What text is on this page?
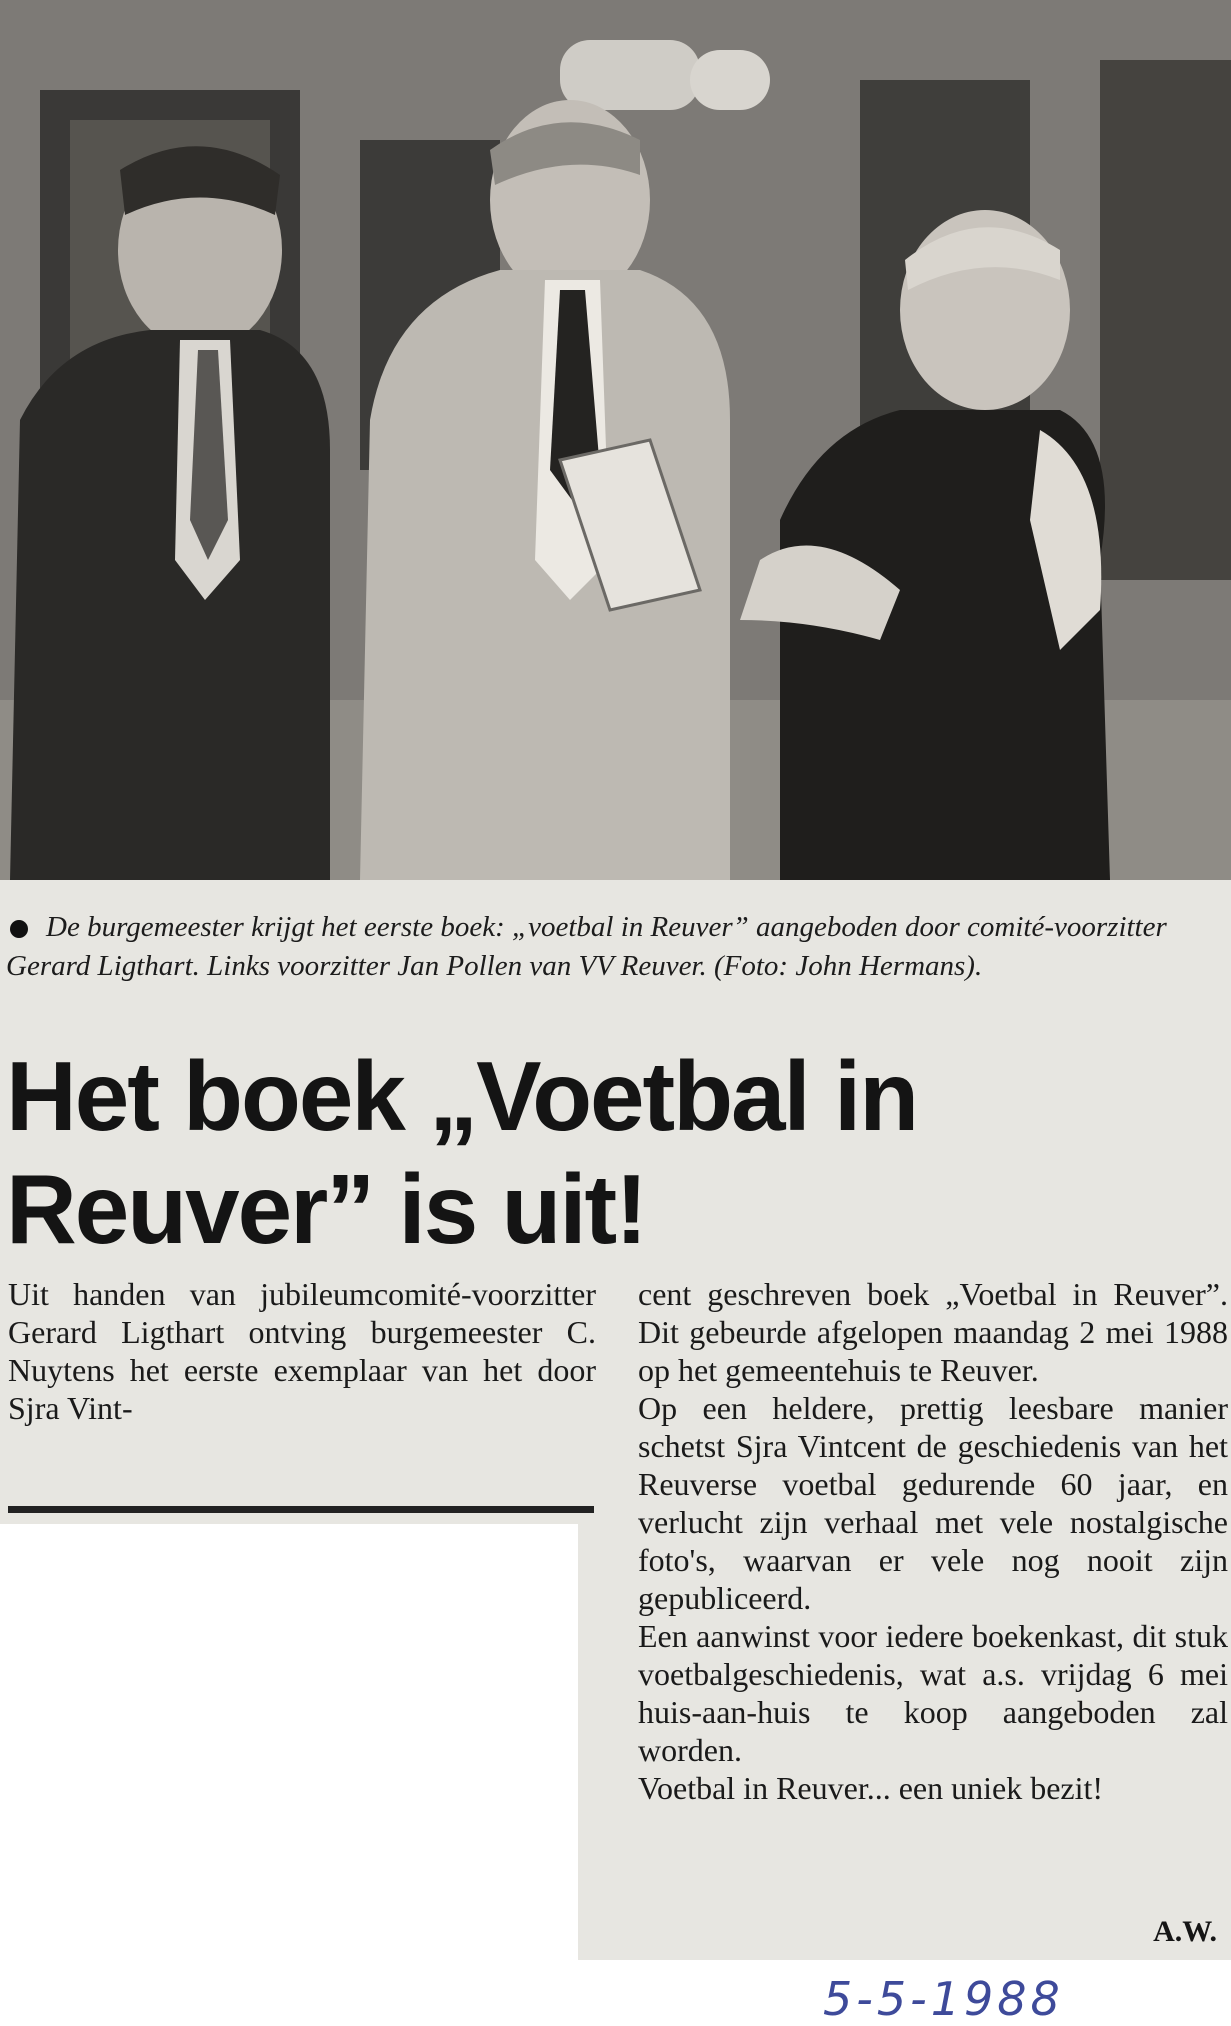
De burgemeester krijgt het eerste boek: „voetbal in Reuver” aangeboden door comité-voorzitter Gerard Ligthart. Links voorzitter Jan Pollen van VV Reuver. (Foto: John Hermans).
Het boek „Voetbal in Reuver” is uit!

Uit handen van jubileumcomité-voorzitter Gerard Ligthart ontving burgemeester C. Nuytens het eerste exemplaar van het door Sjra Vint-

cent geschreven boek „Voetbal in Reuver”. Dit gebeurde afgelopen maandag 2 mei 1988 op het gemeentehuis te Reuver.

Op een heldere, prettig leesbare manier schetst Sjra Vintcent de geschiedenis van het Reuverse voetbal gedurende 60 jaar, en verlucht zijn verhaal met vele nostalgische foto's, waarvan er vele nog nooit zijn gepubliceerd.

Een aanwinst voor iedere boekenkast, dit stuk voetbalgeschiedenis, wat a.s. vrijdag 6 mei huis-aan-huis te koop aangeboden zal worden.

Voetbal in Reuver... een uniek bezit!

A.W.
5-5-1988
